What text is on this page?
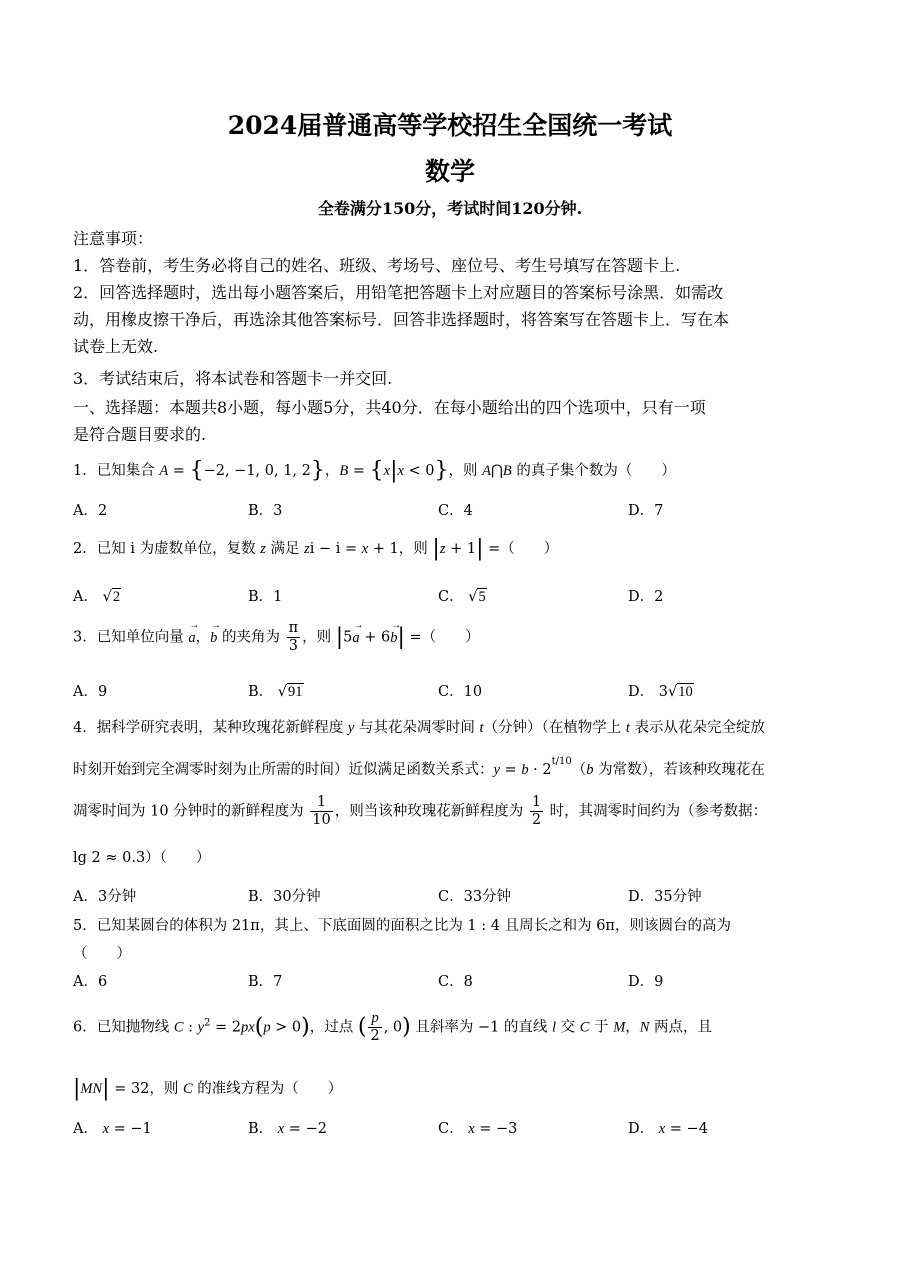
2024届普通高等学校招生全国统一考试
数学
全卷满分150分，考试时间120分钟.
注意事项：
1．答卷前，考生务必将自己的姓名、班级、考场号、座位号、考生号填写在答题卡上.
2．回答选择题时，选出每小题答案后，用铅笔把答题卡上对应题目的答案标号涂黑．如需改
动，用橡皮擦干净后，再选涂其他答案标号．回答非选择题时，将答案写在答题卡上．写在本
试卷上无效.
3．考试结束后，将本试卷和答题卡一并交回.
一、选择题：本题共8小题，每小题5分，共40分．在每小题给出的四个选项中，只有一项
是符合题目要求的.
1．已知集合 A = {−2, −1, 0, 1, 2}，B = {x|x < 0}，则 A⋂B 的真子集个数为（　　）
A．2	B．3	C．4	D．7
2．已知 i 为虚数单位，复数 z 满足 zi − i = x + 1，则 |z + 1| =（　　）
A． √2	B．1	C． √5	D．2
3．已知单位向量 → a，→ b 的夹角为 $\frac{\pi}{3}$ ，则 |5→ a + 6→ b| =（　　）
A．9	B． √91	C．10	D． 3√10
4．据科学研究表明，某种玫瑰花新鲜程度 y 与其花朵凋零时间 t（分钟）（在植物学上 t 表示从花朵完全绽放
时刻开始到完全凋零时刻为止所需的时间）近似满足函数关系式：$y = b \cdot 2^{t/10}(b$ 为常数），若该种玫瑰花在
凋零时间为 10 分钟时的新鲜程度为 $\frac{1}{10}$ ，则当该种玫瑰花新鲜程度为 $\frac{1}{2}$ 时，其凋零时间约为（参考数据：
lg 2 ≈ 0.3）（　　）
A．3分钟	B．30分钟	C．33分钟	D．35分钟
5．已知某圆台的体积为 21π，其上、下底面圆的面积之比为 1 : 4 且周长之和为 6π，则该圆台的高为
（　　）
A．6	B．7	C．8	D．9
6．已知抛物线 C : $y^2 = 2px(p > 0)$，过点 ( $\frac{p}{2}$ , 0) 且斜率为 −1 的直线 l 交 C 于 M，N 两点，且
|MN| = 32，则 C 的准线方程为（　　）
A． x = −1	B． x = −2	C． x = −3	D． x = −4
